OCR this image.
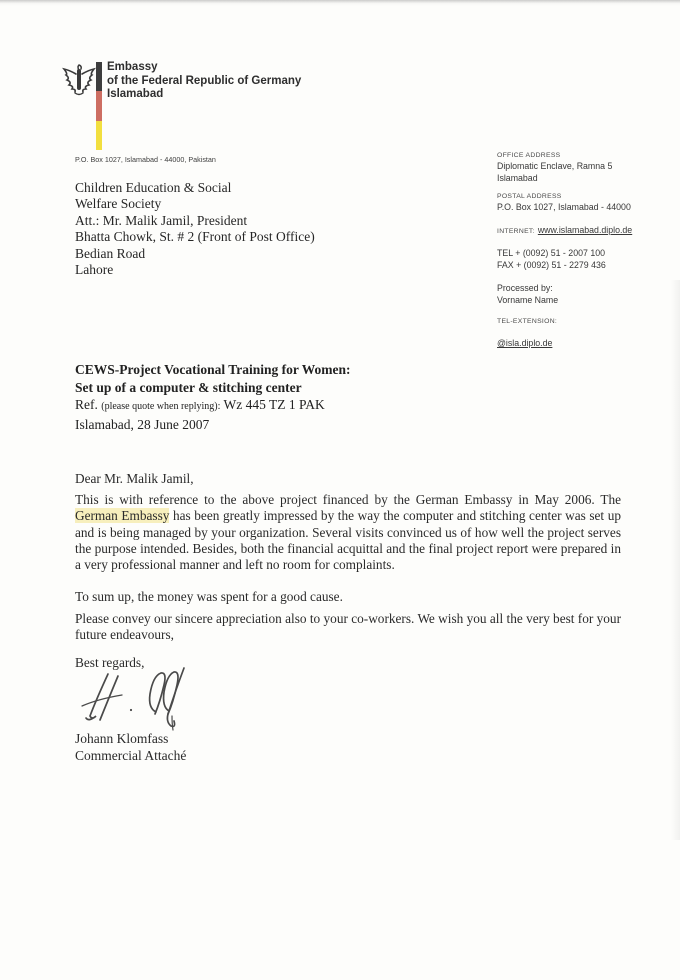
Embassy
of the Federal Republic of Germany
Islamabad
P.O. Box 1027, Islamabad - 44000, Pakistan
Children Education & Social
Welfare Society
Att.: Mr. Malik Jamil, President
Bhatta Chowk, St. # 2 (Front of Post Office)
Bedian Road
Lahore
OFFICE ADDRESS
Diplomatic Enclave, Ramna 5
Islamabad
POSTAL ADDRESS
P.O. Box 1027, Islamabad - 44000
INTERNET: www.islamabad.diplo.de
TEL + (0092) 51 - 2007 100
FAX + (0092) 51 - 2279 436
Processed by:
Vorname Name
TEL-EXTENSION:
@isla.diplo.de
CEWS-Project Vocational Training for Women:
Set up of a computer & stitching center
Ref. (please quote when replying): Wz 445 TZ 1 PAK
Islamabad, 28 June 2007
Dear Mr. Malik Jamil,
This is with reference to the above project financed by the German Embassy in May 2006. The German Embassy has been greatly impressed by the way the computer and stitching center was set up and is being managed by your organization. Several visits convinced us of how well the project serves the purpose intended. Besides, both the financial acquittal and the final project report were prepared in a very professional manner and left no room for complaints.
To sum up, the money was spent for a good cause.
Please convey our sincere appreciation also to your co-workers. We wish you all the very best for your future endeavours,
Best regards,
Johann Klomfass
Commercial Attaché
